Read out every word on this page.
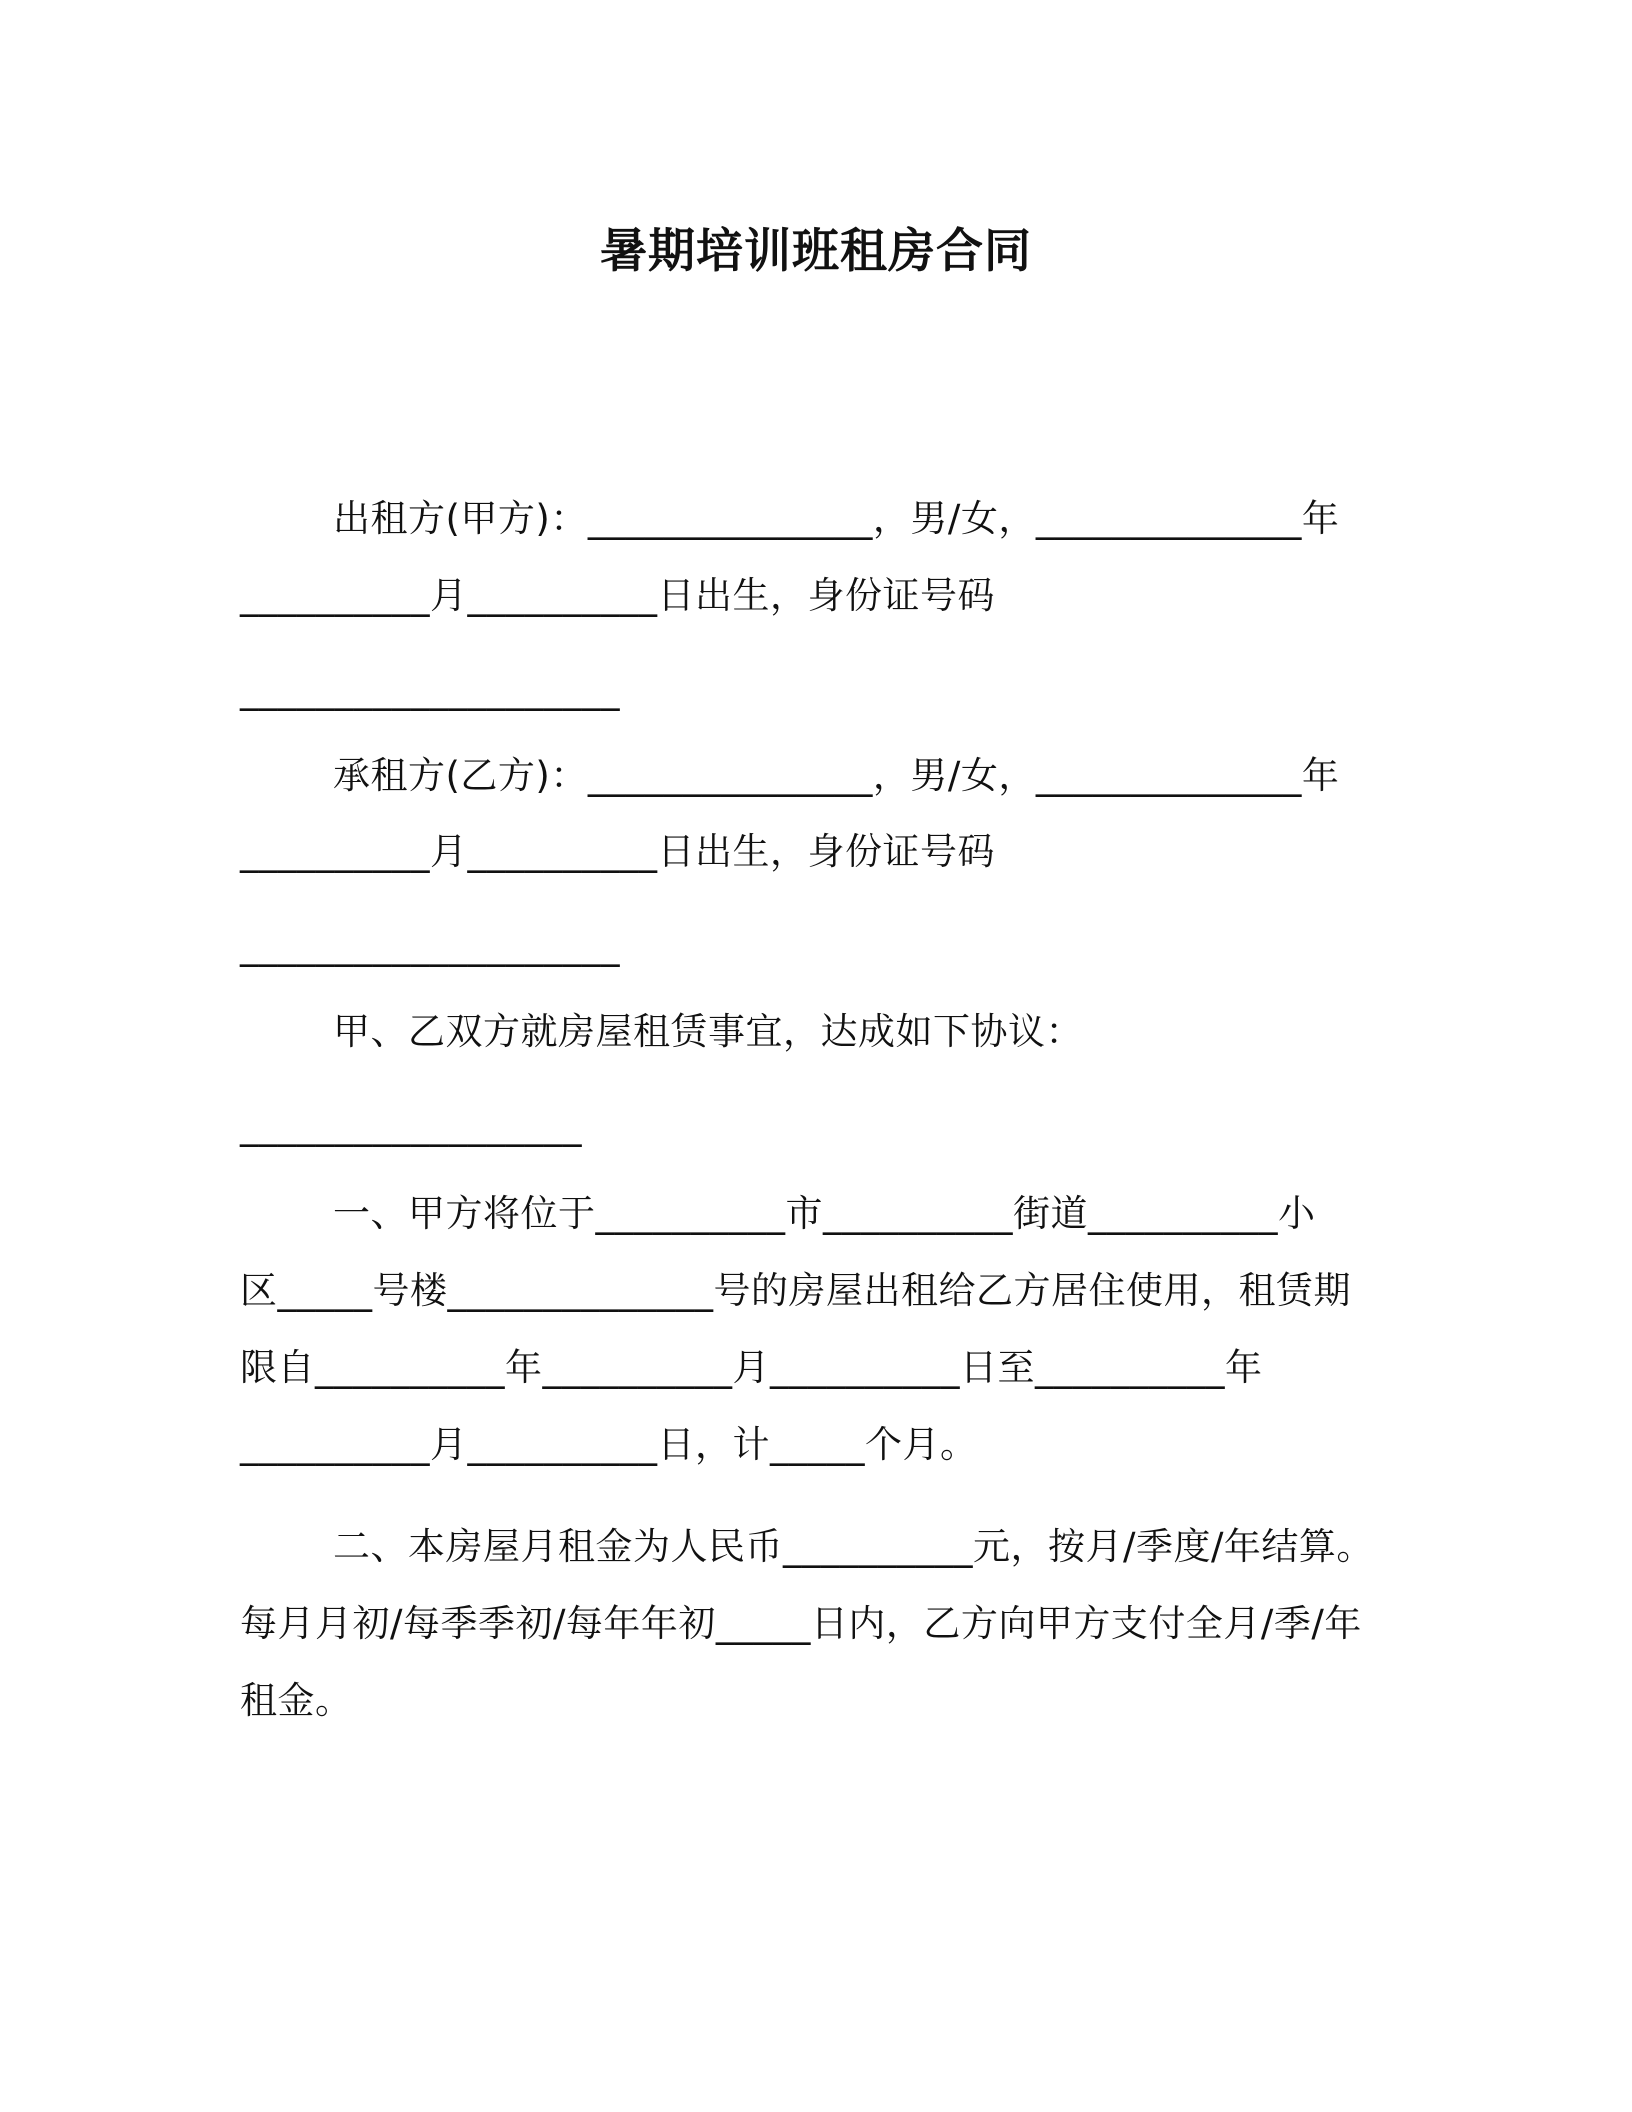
暑期培训班租房合同
出租方(甲方)：_______________，男/女，______________年
__________月__________日出生，身份证号码
____________________
承租方(乙方)：_______________，男/女，______________年
__________月__________日出生，身份证号码
____________________
甲、乙双方就房屋租赁事宜，达成如下协议：
__________________
一、甲方将位于__________市__________街道__________小
区_____号楼______________号的房屋出租给乙方居住使用，租赁期
限自__________年__________月__________日至__________年
__________月__________日，计_____个月。
二、本房屋月租金为人民币__________元，按月/季度/年结算。
每月月初/每季季初/每年年初_____日内，乙方向甲方支付全月/季/年
租金。
